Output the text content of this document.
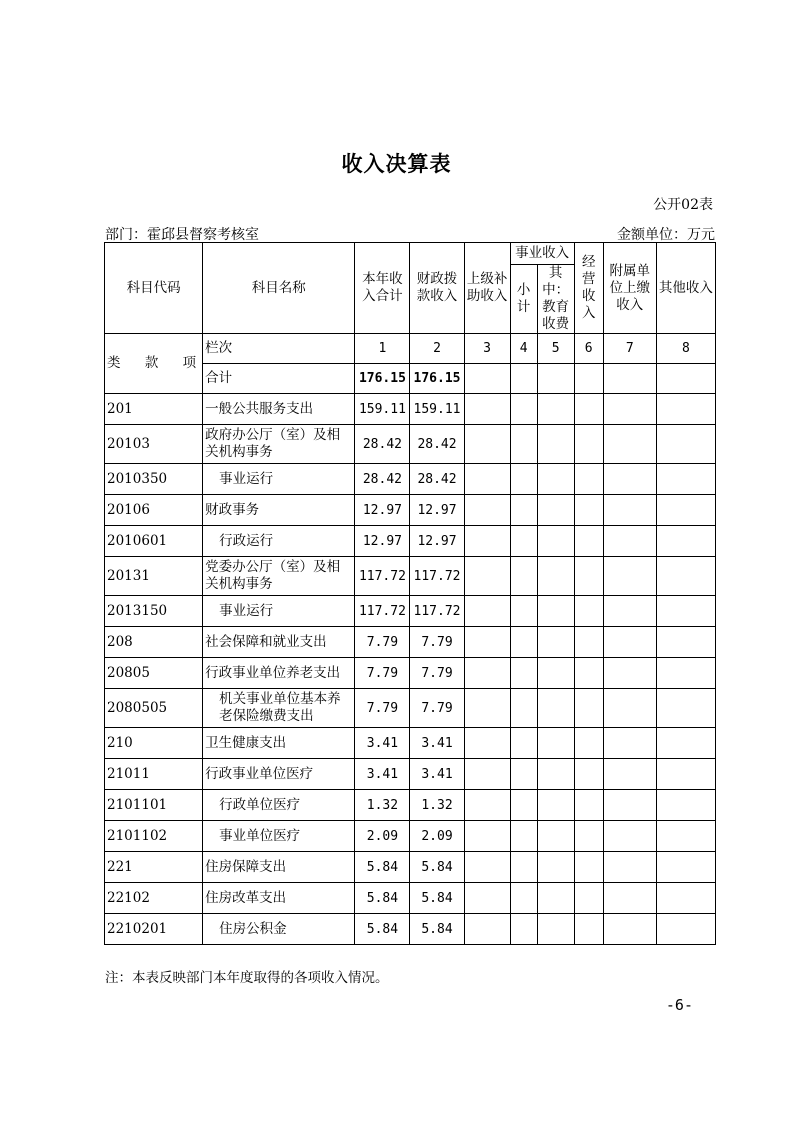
收入决算表
公开02表
部门：霍邱县督察考核室	金额单位：万元
科目代码	科目名称	本年收入合计	财政拨款收入	上级补助收入	事业收入		经营收入	附属单位上缴收入	其他收入
					小计	其中：教育收费			

类 款 项	栏次	1	2	3	4	5	6	7	8
	合计	176.15	176.15						
201	一般公共服务支出	159.11	159.11						
20103	政府办公厅（室）及相关机构事务	28.42	28.42						
2010350	事业运行	28.42	28.42						
20106	财政事务	12.97	12.97						
2010601	行政运行	12.97	12.97						
20131	党委办公厅（室）及相关机构事务	117.72	117.72						
2013150	事业运行	117.72	117.72						
208	社会保障和就业支出	7.79	7.79						
20805	行政事业单位养老支出	7.79	7.79						
2080505	机关事业单位基本养老保险缴费支出	7.79	7.79						
210	卫生健康支出	3.41	3.41						
21011	行政事业单位医疗	3.41	3.41						
2101101	行政单位医疗	1.32	1.32						
2101102	事业单位医疗	2.09	2.09						
221	住房保障支出	5.84	5.84						
22102	住房改革支出	5.84	5.84						
2210201	住房公积金	5.84	5.84						
注：本表反映部门本年度取得的各项收入情况。
-6-
